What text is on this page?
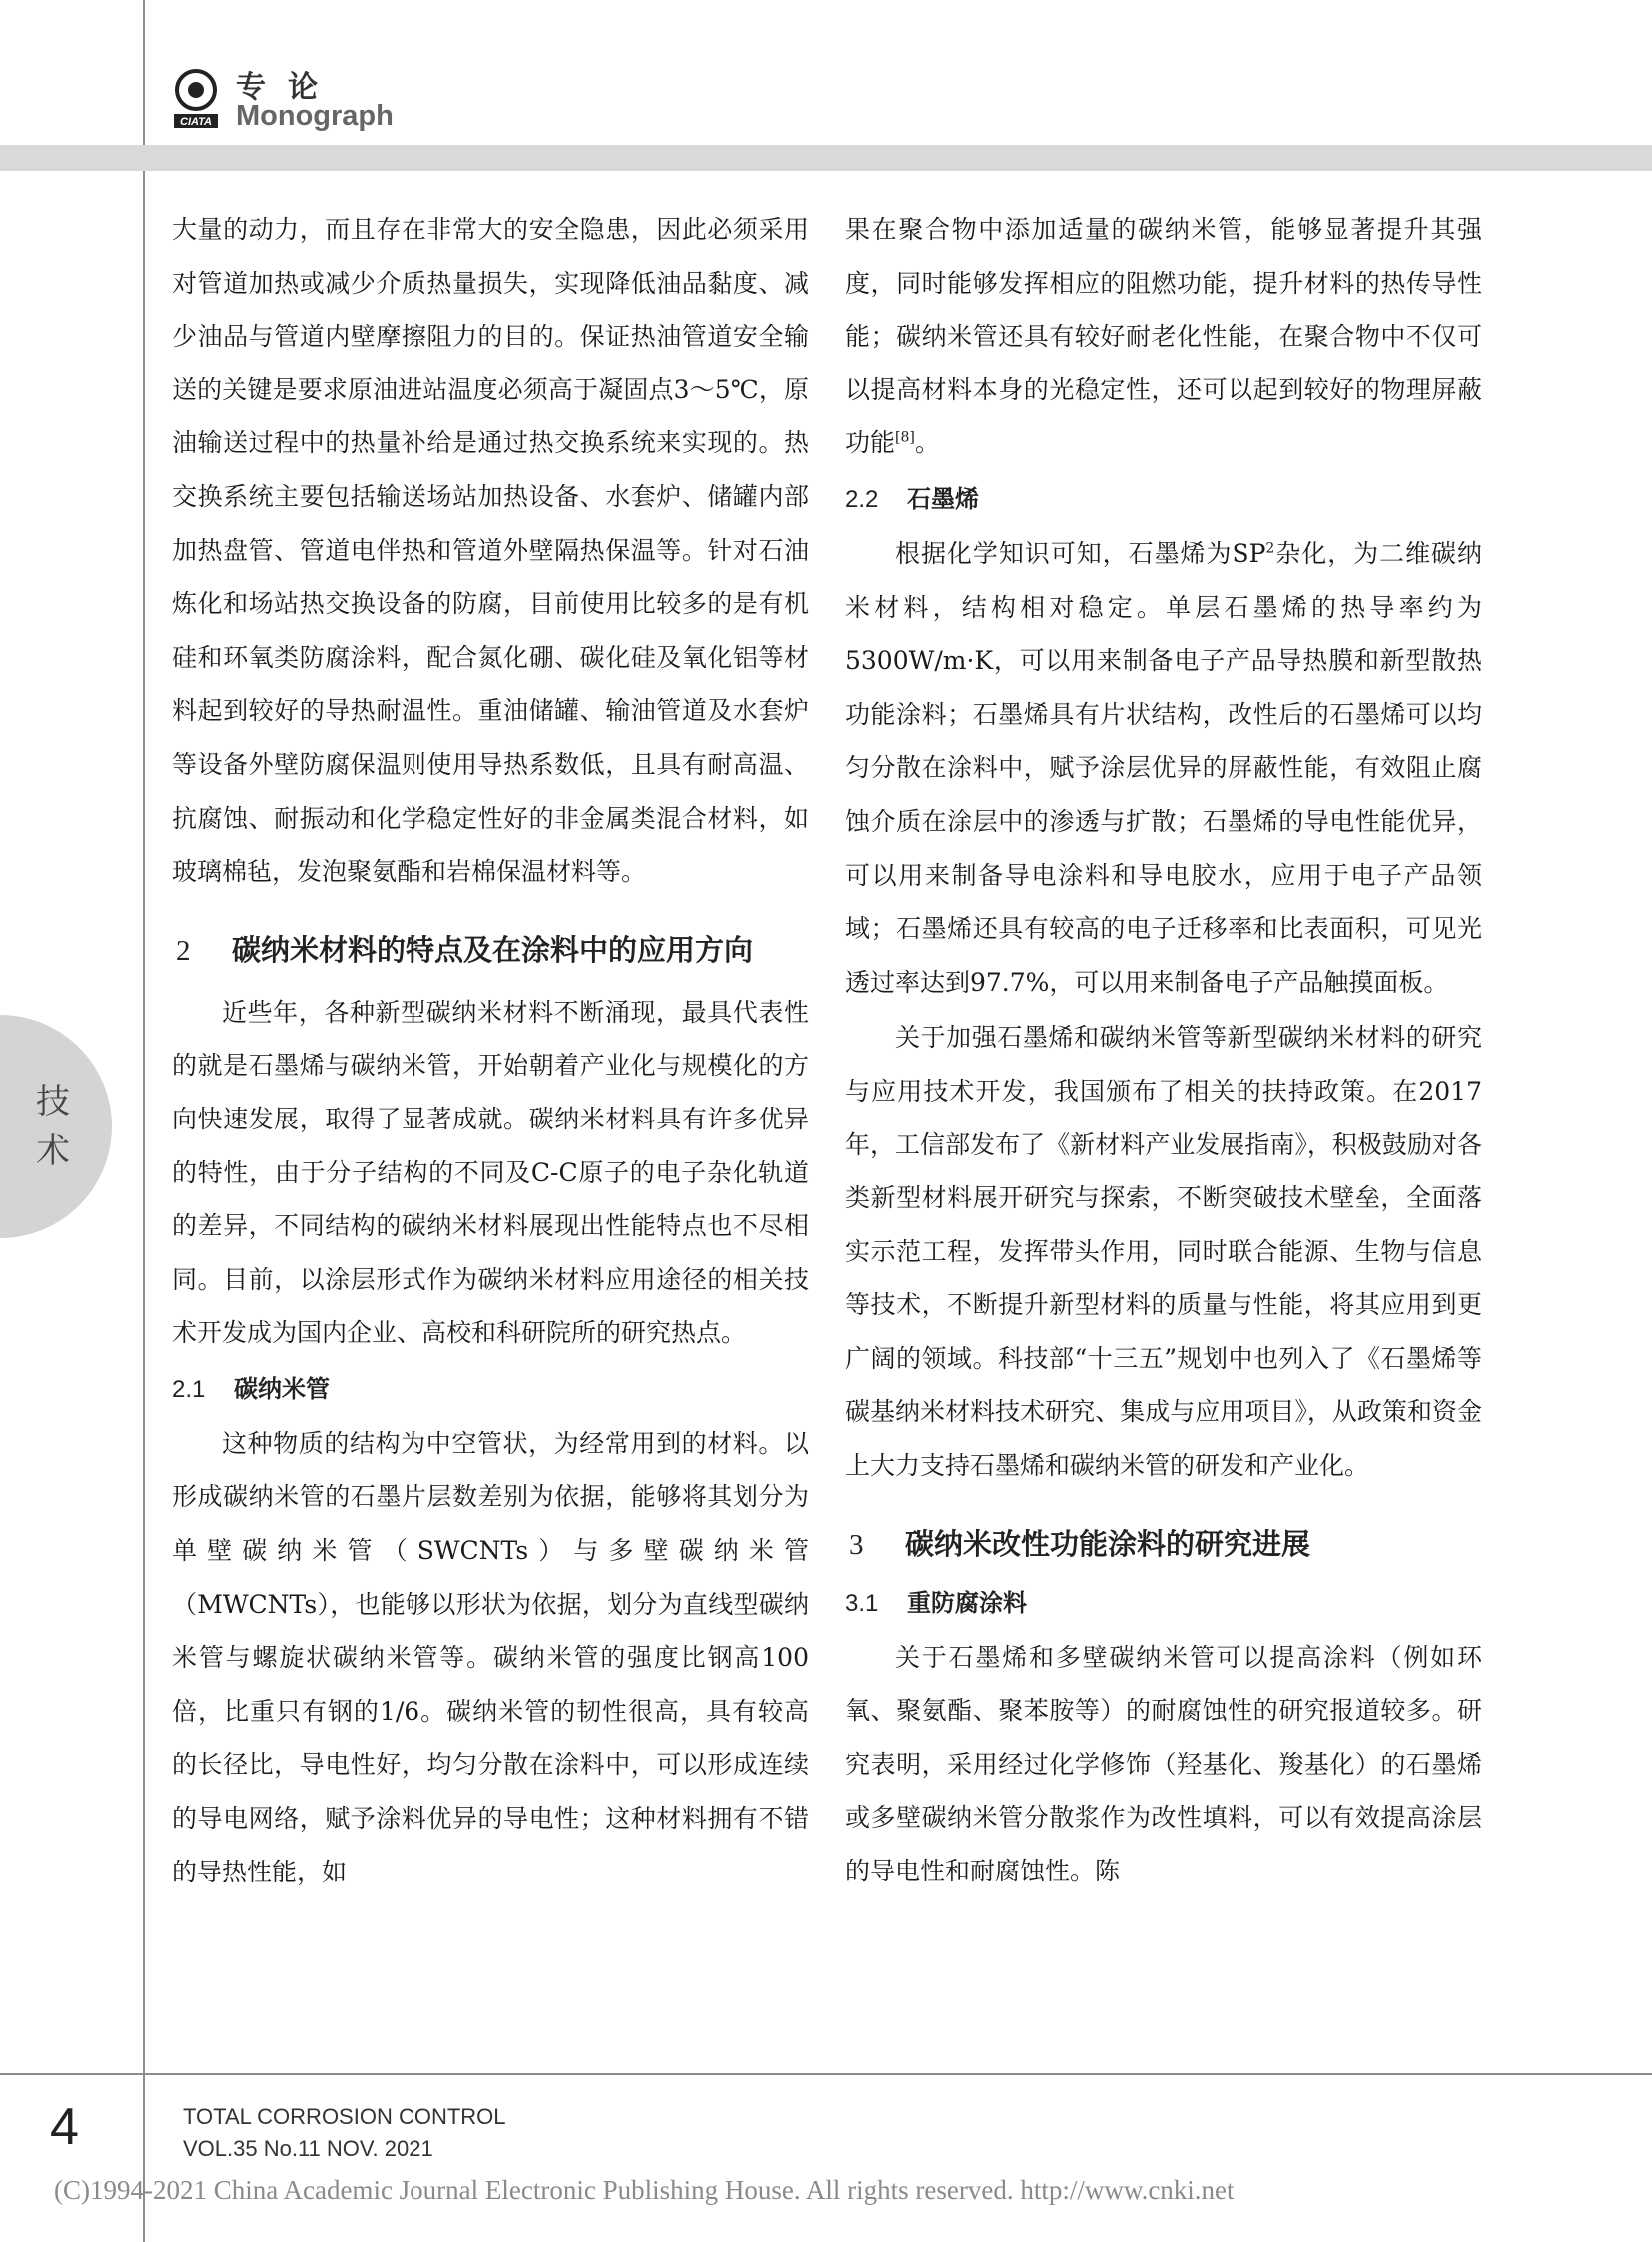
CIATA
专论
Monograph
技术

大量的动力，而且存在非常大的安全隐患，因此必须采用对管道加热或减少介质热量损失，实现降低油品黏度、减少油品与管道内壁摩擦阻力的目的。保证热油管道安全输送的关键是要求原油进站温度必须高于凝固点3～5℃，原油输送过程中的热量补给是通过热交换系统来实现的。热交换系统主要包括输送场站加热设备、水套炉、储罐内部加热盘管、管道电伴热和管道外壁隔热保温等。针对石油炼化和场站热交换设备的防腐，目前使用比较多的是有机硅和环氧类防腐涂料，配合氮化硼、碳化硅及氧化铝等材料起到较好的导热耐温性。重油储罐、输油管道及水套炉等设备外壁防腐保温则使用导热系数低，且具有耐高温、抗腐蚀、耐振动和化学稳定性好的非金属类混合材料，如玻璃棉毡，发泡聚氨酯和岩棉保温材料等。

2 碳纳米材料的特点及在涂料中的应用方向

近些年，各种新型碳纳米材料不断涌现，最具代表性的就是石墨烯与碳纳米管，开始朝着产业化与规模化的方向快速发展，取得了显著成就。碳纳米材料具有许多优异的特性，由于分子结构的不同及C-C原子的电子杂化轨道的差异，不同结构的碳纳米材料展现出性能特点也不尽相同。目前，以涂层形式作为碳纳米材料应用途径的相关技术开发成为国内企业、高校和科研院所的研究热点。

2.1 碳纳米管

这种物质的结构为中空管状，为经常用到的材料。以形成碳纳米管的石墨片层数差别为依据，能够将其划分为单壁碳纳米管（SWCNTs）与多壁碳纳米管（MWCNTs），也能够以形状为依据，划分为直线型碳纳米管与螺旋状碳纳米管等。碳纳米管的强度比钢高100倍，比重只有钢的1/6。碳纳米管的韧性很高，具有较高的长径比，导电性好，均匀分散在涂料中，可以形成连续的导电网络，赋予涂料优异的导电性；这种材料拥有不错的导热性能，如

果在聚合物中添加适量的碳纳米管，能够显著提升其强度，同时能够发挥相应的阻燃功能，提升材料的热传导性能；碳纳米管还具有较好耐老化性能，在聚合物中不仅可以提高材料本身的光稳定性，还可以起到较好的物理屏蔽功能[8]。

2.2 石墨烯

根据化学知识可知，石墨烯为$SP^2$杂化，为二维碳纳米材料，结构相对稳定。单层石墨烯的热导率约为5300W/m·K，可以用来制备电子产品导热膜和新型散热功能涂料；石墨烯具有片状结构，改性后的石墨烯可以均匀分散在涂料中，赋予涂层优异的屏蔽性能，有效阻止腐蚀介质在涂层中的渗透与扩散；石墨烯的导电性能优异，可以用来制备导电涂料和导电胶水，应用于电子产品领域；石墨烯还具有较高的电子迁移率和比表面积，可见光透过率达到97.7%，可以用来制备电子产品触摸面板。

关于加强石墨烯和碳纳米管等新型碳纳米材料的研究与应用技术开发，我国颁布了相关的扶持政策。在2017年，工信部发布了《新材料产业发展指南》，积极鼓励对各类新型材料展开研究与探索，不断突破技术壁垒，全面落实示范工程，发挥带头作用，同时联合能源、生物与信息等技术，不断提升新型材料的质量与性能，将其应用到更广阔的领域。科技部“十三五”规划中也列入了《石墨烯等碳基纳米材料技术研究、集成与应用项目》，从政策和资金上大力支持石墨烯和碳纳米管的研发和产业化。

3 碳纳米改性功能涂料的研究进展
3.1 重防腐涂料

关于石墨烯和多壁碳纳米管可以提高涂料（例如环氧、聚氨酯、聚苯胺等）的耐腐蚀性的研究报道较多。研究表明，采用经过化学修饰（羟基化、羧基化）的石墨烯或多壁碳纳米管分散浆作为改性填料，可以有效提高涂层的导电性和耐腐蚀性。陈

4	TOTAL CORROSION CONTROL
VOL.35 No.11 NOV. 2021
(C)1994-2021 China Academic Journal Electronic Publishing House. All rights reserved. http://www.cnki.net
